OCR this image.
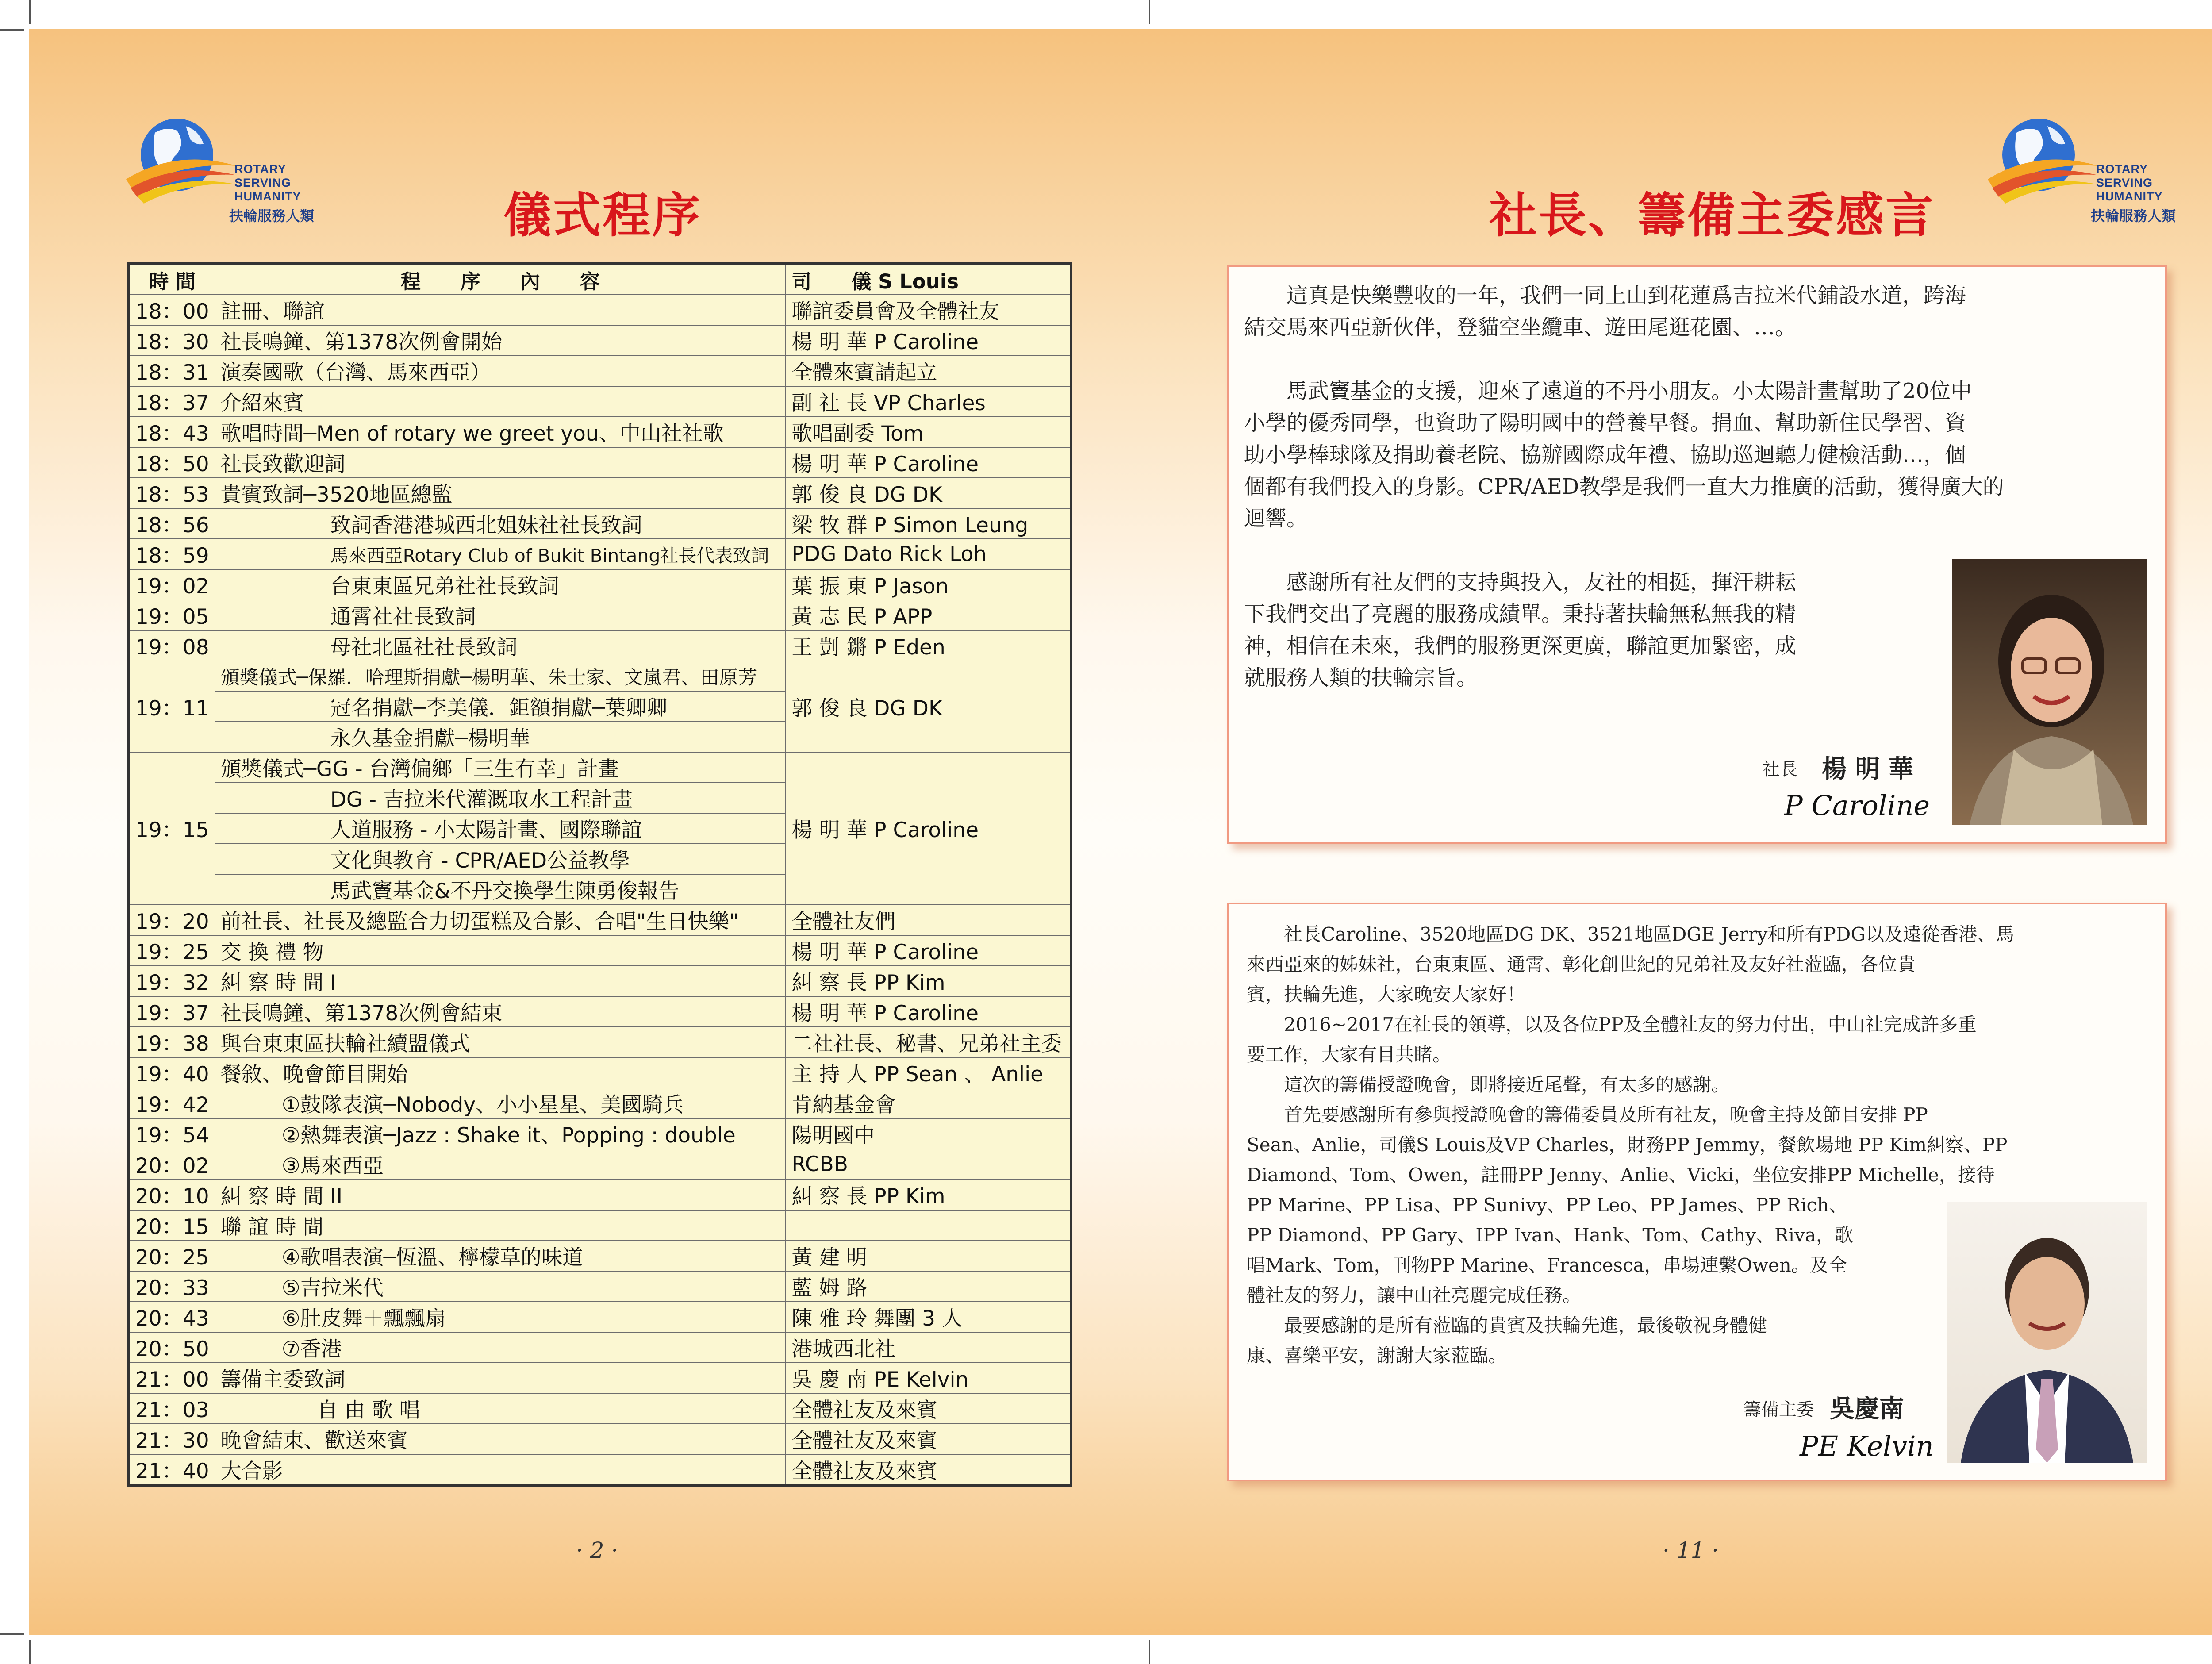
ROTARY
SERVING
HUMANITY
扶輪服務人類	儀式程序
時 間	程　　序　　內　　容	司　　儀 S Louis
18：00	註冊、聯誼	聯誼委員會及全體社友
18：30	社長鳴鐘、第1378次例會開始	楊 明 華 P Caroline
18：31	演奏國歌（台灣、馬來西亞）	全體來賓請起立
18：37	介紹來賓	副 社 長 VP Charles
18：43	歌唱時間─Men of rotary we greet you、中山社社歌	歌唱副委 Tom
18：50	社長致歡迎詞	楊 明 華 P Caroline
18：53	貴賓致詞─3520地區總監	郭 俊 良 DG DK
18：56	致詞香港港城西北姐妹社社長致詞	梁 牧 群 P Simon Leung
18：59	馬來西亞Rotary Club of Bukit Bintang社長代表致詞	PDG Dato Rick Loh
19：02	台東東區兄弟社社長致詞	葉 振 東 P Jason
19：05	通霄社社長致詞	黃 志 民 P APP
19：08	母社北區社社長致詞	王 剴 鏘 P Eden
19：11	頒獎儀式─保羅．哈理斯捐獻─楊明華、朱士家、文嵐君、田原芳	郭 俊 良 DG DK
	冠名捐獻─李美儀．鉅額捐獻─葉卿卿	
	永久基金捐獻─楊明華	
19：15	頒獎儀式─GG - 台灣偏鄉「三生有幸」計畫	楊 明 華 P Caroline
	DG - 吉拉米代灌溉取水工程計畫	
	人道服務 - 小太陽計畫、國際聯誼	
	文化與教育 - CPR/AED公益教學	
	馬武竇基金&不丹交換學生陳勇俊報告	
19：20	前社長、社長及總監合力切蛋糕及合影、合唱"生日快樂"	全體社友們
19：25	交 換 禮 物	楊 明 華 P Caroline
19：32	糾 察 時 間 I	糾 察 長 PP Kim
19：37	社長鳴鐘、第1378次例會結束	楊 明 華 P Caroline
19：38	與台東東區扶輪社續盟儀式	二社社長、秘書、兄弟社主委
19：40	餐敘、晚會節目開始	主 持 人 PP Sean 、 Anlie
19：42	①鼓隊表演─Nobody、小小星星、美國騎兵	肯納基金會
19：54	②熱舞表演─Jazz : Shake it、Popping : double	陽明國中
20：02	③馬來西亞	RCBB
20：10	糾 察 時 間 II	糾 察 長 PP Kim
20：15	聯 誼 時 間	
20：25	④歌唱表演─恆溫、檸檬草的味道	黃 建 明
20：33	⑤吉拉米代	藍 姆 路
20：43	⑥肚皮舞＋飄飄扇	陳 雅 玲 舞團 3 人
20：50	⑦香港	港城西北社
21：00	籌備主委致詞	吳 慶 南 PE Kelvin
21：03	自 由 歌 唱	全體社友及來賓
21：30	晚會結束、歡送來賓	全體社友及來賓
21：40	大合影	全體社友及來賓
· 2 ·
社長、籌備主委感言
ROTARY
SERVING
HUMANITY
扶輪服務人類
　　這真是快樂豐收的一年，我們一同上山到花蓮爲吉拉米代鋪設水道，跨海
結交馬來西亞新伙伴，登貓空坐纜車、遊田尾逛花園、…。
　　馬武竇基金的支援，迎來了遠道的不丹小朋友。小太陽計畫幫助了20位中
小學的優秀同學，也資助了陽明國中的營養早餐。捐血、幫助新住民學習、資
助小學棒球隊及捐助養老院、協辦國際成年禮、協助巡迴聽力健檢活動…，個
個都有我們投入的身影。CPR/AED教學是我們一直大力推廣的活動，獲得廣大的
迴響。
　　感謝所有社友們的支持與投入，友社的相挺，揮汗耕耘
下我們交出了亮麗的服務成績單。秉持著扶輪無私無我的精
神，相信在未來，我們的服務更深更廣，聯誼更加緊密，成
就服務人類的扶輪宗旨。
社長 楊 明 華
P Caroline
　　社長Caroline、3520地區DG DK、3521地區DGE Jerry和所有PDG以及遠從香港、馬
來西亞來的姊妹社，台東東區、通霄、彰化創世紀的兄弟社及友好社蒞臨，各位貴
賓，扶輪先進，大家晚安大家好！
　　2016~2017在社長的領導，以及各位PP及全體社友的努力付出，中山社完成許多重
要工作，大家有目共睹。
　　這次的籌備授證晚會，即將接近尾聲，有太多的感謝。
　　首先要感謝所有參與授證晚會的籌備委員及所有社友，晚會主持及節目安排 PP
Sean、Anlie，司儀S Louis及VP Charles，財務PP Jemmy，餐飲場地 PP Kim糾察、PP
Diamond、Tom、Owen，註冊PP Jenny、Anlie、Vicki，坐位安排PP Michelle，接待
PP Marine、PP Lisa、PP Sunivy、PP Leo、PP James、PP Rich、
PP Diamond、PP Gary、IPP Ivan、Hank、Tom、Cathy、Riva，歌
唱Mark、Tom，刊物PP Marine、Francesca，串場連繫Owen。及全
體社友的努力，讓中山社亮麗完成任務。
　　最要感謝的是所有蒞臨的貴賓及扶輪先進，最後敬祝身體健
康、喜樂平安，謝謝大家蒞臨。
籌備主委 吳慶南
PE Kelvin
· 11 ·
